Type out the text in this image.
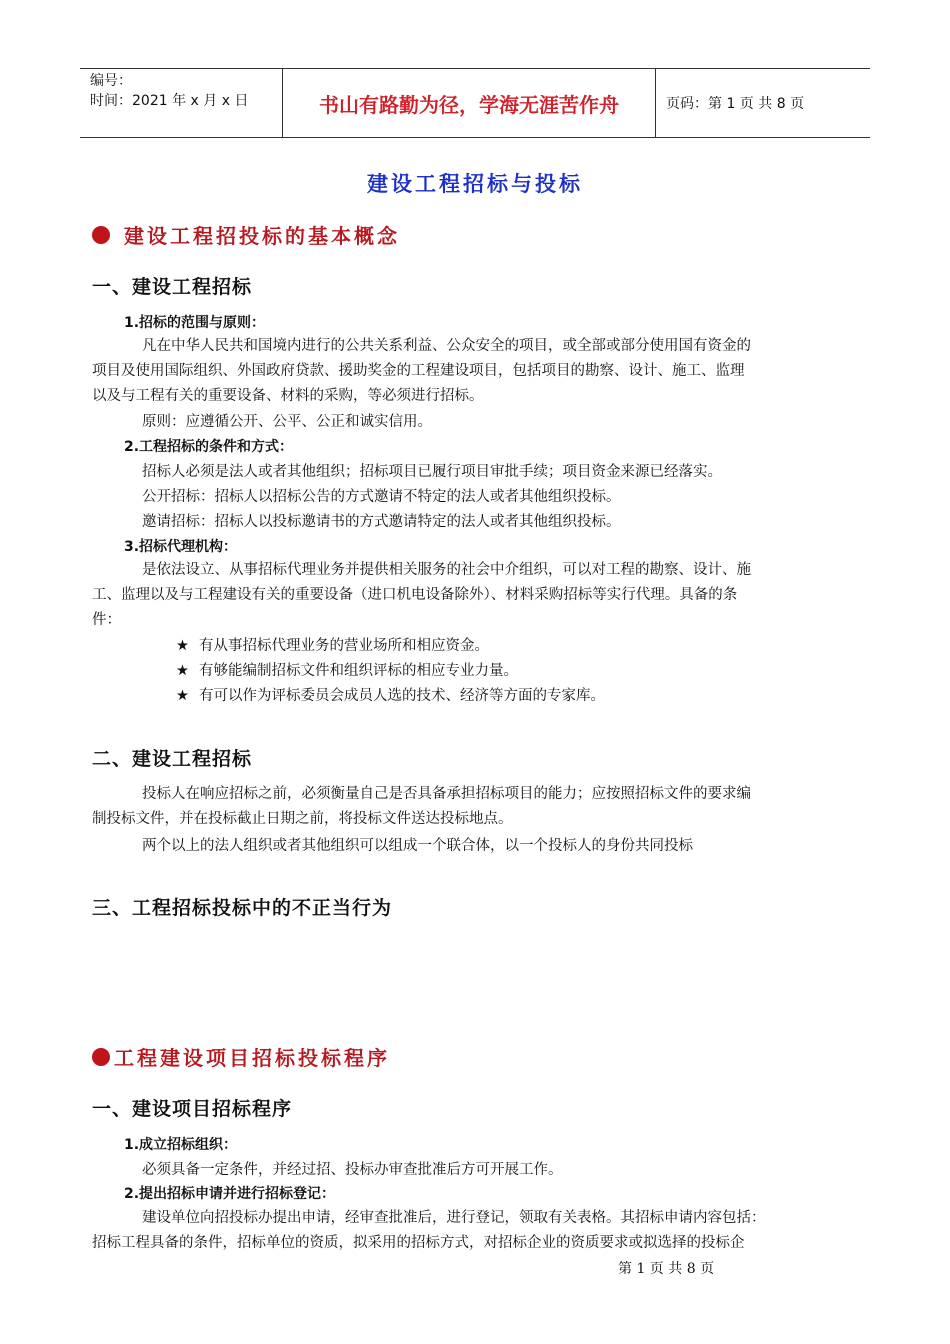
编号：
时间：2021 年 x 月 x 日	书山有路勤为径，学海无涯苦作舟	页码：第 1 页 共 8 页
建设工程招标与投标
建设工程招投标的基本概念
一、建设工程招标
1.招标的范围与原则：
凡在中华人民共和国境内进行的公共关系利益、公众安全的项目，或全部或部分使用国有资金的
项目及使用国际组织、外国政府贷款、援助奖金的工程建设项目，包括项目的勘察、设计、施工、监理
以及与工程有关的重要设备、材料的采购，等必须进行招标。
原则：应遵循公开、公平、公正和诚实信用。
2.工程招标的条件和方式：
招标人必须是法人或者其他组织；招标项目已履行项目审批手续；项目资金来源已经落实。
公开招标：招标人以招标公告的方式邀请不特定的法人或者其他组织投标。
邀请招标：招标人以投标邀请书的方式邀请特定的法人或者其他组织投标。
3.招标代理机构：
是依法设立、从事招标代理业务并提供相关服务的社会中介组织，可以对工程的勘察、设计、施
工、监理以及与工程建设有关的重要设备（进口机电设备除外）、材料采购招标等实行代理。具备的条
件：
★ 有从事招标代理业务的营业场所和相应资金。
★ 有够能编制招标文件和组织评标的相应专业力量。
★ 有可以作为评标委员会成员人选的技术、经济等方面的专家库。
二、建设工程招标
投标人在响应招标之前，必须衡量自己是否具备承担招标项目的能力；应按照招标文件的要求编
制投标文件，并在投标截止日期之前，将投标文件送达投标地点。
两个以上的法人组织或者其他组织可以组成一个联合体，以一个投标人的身份共同投标
三、工程招标投标中的不正当行为
工程建设项目招标投标程序
一、建设项目招标程序
1.成立招标组织：
必须具备一定条件，并经过招、投标办审查批准后方可开展工作。
2.提出招标申请并进行招标登记：
建设单位向招投标办提出申请，经审查批准后，进行登记，领取有关表格。其招标申请内容包括：
招标工程具备的条件，招标单位的资质，拟采用的招标方式，对招标企业的资质要求或拟选择的投标企
第 1 页 共 8 页
